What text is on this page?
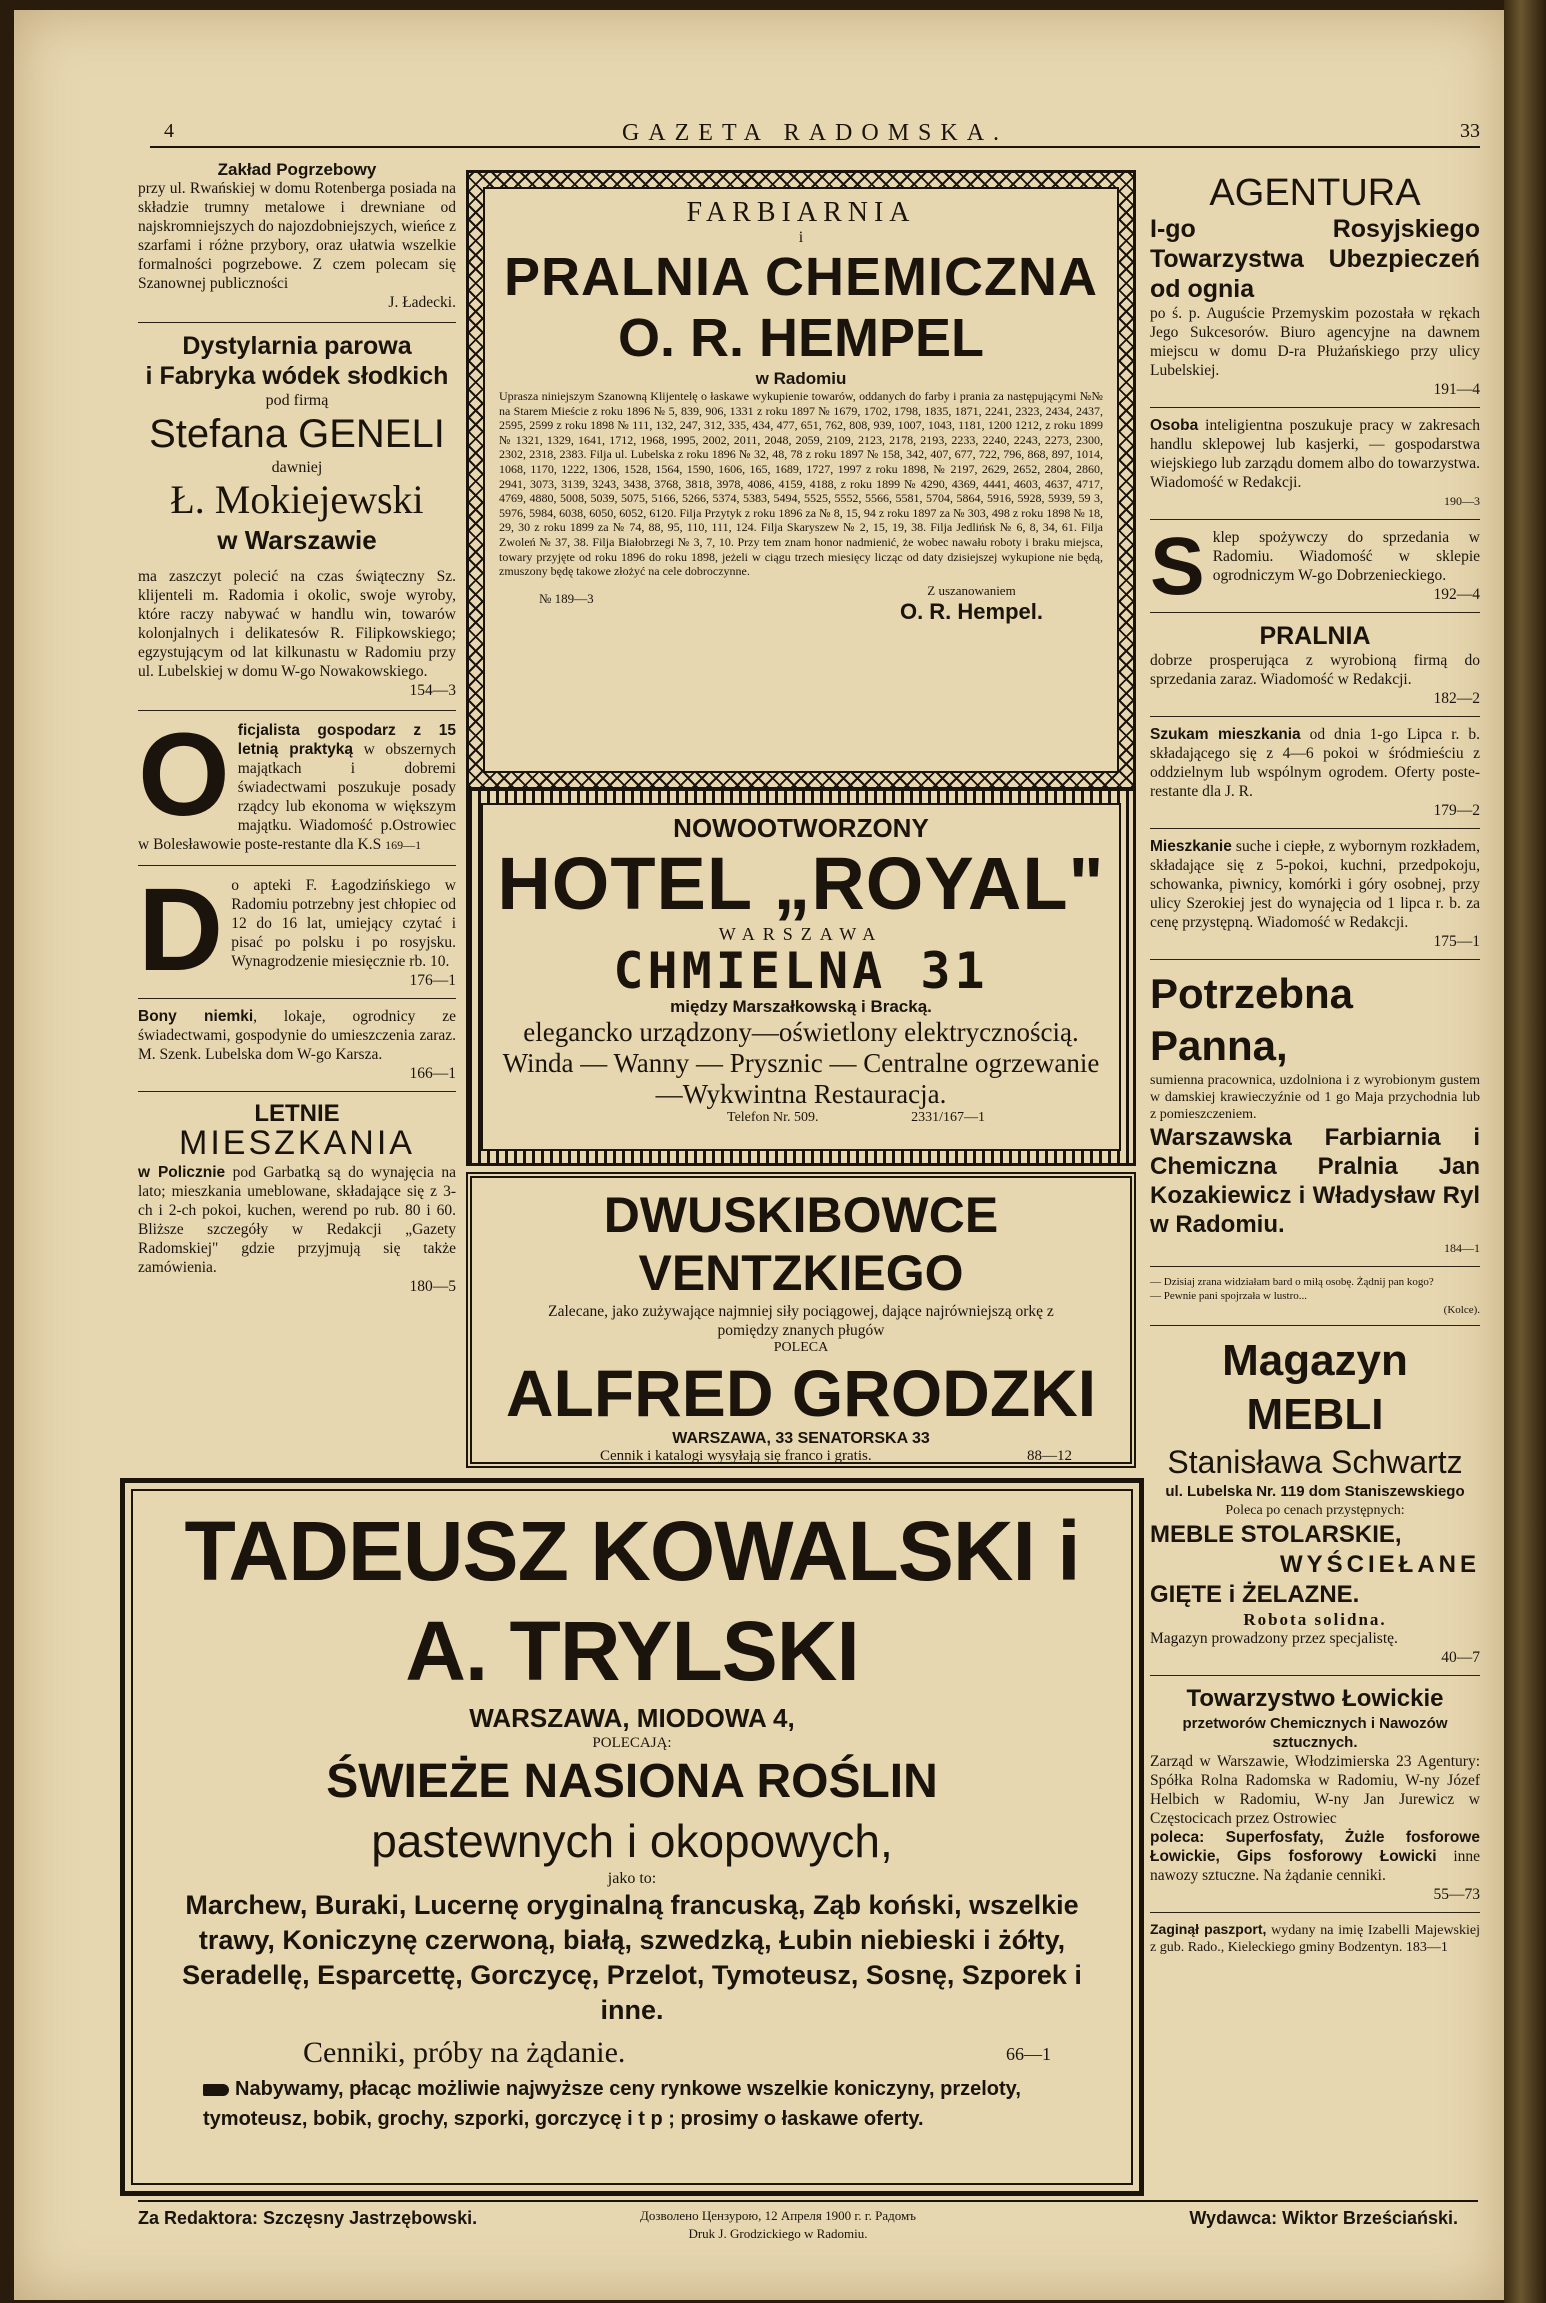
4	GAZETA RADOMSKA.	33
Zakład Pogrzebowy
przy ul. Rwańskiej w domu Rotenberga posiada na składzie trumny metalowe i drewniane od najskromniejszych do najozdobniejszych, wieńce z szarfami i różne przybory, oraz ułatwia wszelkie formalności pogrzebowe. Z czem polecam się Szanownej publiczności
J. Ładecki.
Dystylarnia parowa
i Fabryka wódek słodkich
pod firmą
Stefana GENELI
dawniej
Ł. Mokiejewski
w Warszawie
ma zaszczyt polecić na czas świąteczny Sz. klijenteli m. Radomia i okolic, swoje wyroby, które raczy nabywać w handlu win, towarów kolonjalnych i delikatesów R. Filipkowskiego; egzystującym od lat kilkunastu w Radomiu przy ul. Lubelskiej w domu W-go Nowakowskiego.
154—3
O ficjalista gospodarz z 15 letnią praktyką w obszernych majątkach i dobremi świadectwami poszukuje posady rządcy lub ekonoma w większym majątku. Wiadomość p.Ostrowiec w Bolesławowie poste-restante dla K.S 169—1
D o apteki F. Łagodzińskiego w Radomiu potrzebny jest chłopiec od 12 do 16 lat, umiejący czytać i pisać po polsku i po rosyjsku. Wynagrodzenie miesięcznie rb. 10.
176—1
Bony niemki, lokaje, ogrodnicy ze świadectwami, gospodynie do umieszczenia zaraz. M. Szenk. Lubelska dom W-go Karsza.
166—1
LETNIE
MIESZKANIA
w Policznie pod Garbatką są do wynajęcia na lato; mieszkania umeblowane, składające się z 3-ch i 2-ch pokoi, kuchen, werend po rub. 80 i 60. Bliższe szczegóły w Redakcji „Gazety Radomskiej" gdzie przyjmują się także zamówienia.
180—5
FARBIARNIA
i
PRALNIA CHEMICZNA
O. R. HEMPEL
w Radomiu
Uprasza niniejszym Szanowną Klijentelę o łaskawe wykupienie towarów, oddanych do farby i prania za następującymi №№ na Starem Mieście z roku 1896 № 5, 839, 906, 1331 z roku 1897 № 1679, 1702, 1798, 1835, 1871, 2241, 2323, 2434, 2437, 2595, 2599 z roku 1898 № 111, 132, 247, 312, 335, 434, 477, 651, 762, 808, 939, 1007, 1043, 1181, 1200 1212, z roku 1899 № 1321, 1329, 1641, 1712, 1968, 1995, 2002, 2011, 2048, 2059, 2109, 2123, 2178, 2193, 2233, 2240, 2243, 2273, 2300, 2302, 2318, 2383. Filja ul. Lubelska z roku 1896 № 32, 48, 78 z roku 1897 № 158, 342, 407, 677, 722, 796, 868, 897, 1014, 1068, 1170, 1222, 1306, 1528, 1564, 1590, 1606, 165, 1689, 1727, 1997 z roku 1898, № 2197, 2629, 2652, 2804, 2860, 2941, 3073, 3139, 3243, 3438, 3768, 3818, 3978, 4086, 4159, 4188, z roku 1899 № 4290, 4369, 4441, 4603, 4637, 4717, 4769, 4880, 5008, 5039, 5075, 5166, 5266, 5374, 5383, 5494, 5525, 5552, 5566, 5581, 5704, 5864, 5916, 5928, 5939, 59 3, 5976, 5984, 6038, 6050, 6052, 6120. Filja Przytyk z roku 1896 za № 8, 15, 94 z roku 1897 za № 303, 498 z roku 1898 № 18, 29, 30 z roku 1899 za № 74, 88, 95, 110, 111, 124. Filja Skaryszew № 2, 15, 19, 38. Filja Jedlińsk № 6, 8, 34, 61. Filja Zwoleń № 37, 38. Filja Białobrzegi № 3, 7, 10. Przy tem znam honor nadmienić, że wobec nawału roboty i braku miejsca, towary przyjęte od roku 1896 do roku 1898, jeżeli w ciągu trzech miesięcy licząc od daty dzisiejszej wykupione nie będą, zmuszony będę takowe złożyć na cele dobroczynne.
№ 189—3
Z uszanowaniem
O. R. Hempel.
NOWOOTWORZONY
HOTEL „ROYAL"
WARSZAWA
CHMIELNA 31
między Marszałkowską i Bracką.
eleganckо urządzony—oświetlony elektrycznością. Winda — Wanny — Prysznic — Centralne ogrzewanie—Wykwintna Restauracja.
Telefon Nr. 509.	2331/167—1
DWUSKIBOWCE VENTZKIEGO
Zalecane, jako zużywające najmniej siły pociągowej, dające najrówniejszą orkę z pomiędzy znanych pługów
POLECA
ALFRED GRODZKI
WARSZAWA, 33 SENATORSKA 33
Cennik i katalogi wysyłają się franco i gratis.	88—12
TADEUSZ KOWALSKI i A. TRYLSKI
WARSZAWA, MIODOWA 4,
POLECAJĄ:
ŚWIEŻE NASIONA ROŚLIN
pastewnych i okopowych,
jako to:
Marchew, Buraki, Lucernę oryginalną francuską, Ząb koński, wszelkie trawy, Koniczynę czerwoną, białą, szwedzką, Łubin niebieski i żółty, Seradellę, Esparcettę, Gorczycę, Przelot, Tymoteusz, Sosnę, Szporek i inne.
Cenniki, próby na żądanie.	66—1
Nabywamy, płacąc możliwie najwyższe ceny rynkowe wszelkie koniczyny, przeloty, tymoteusz, bobik, grochy, szporki, gorczycę i t p ; prosimy o łaskawe oferty.
AGENTURA
I-go Rosyjskiego Towarzystwa Ubezpieczeń od ognia
po ś. p. Auguście Przemyskim pozostała w rękach Jego Sukcesorów. Biuro agencyjne na dawnem miejscu w domu D-ra Płużańskiego przy ulicy Lubelskiej.
191—4
Osoba inteligientna poszukuje pracy w zakresach handlu sklepowej lub kasjerki, — gospodarstwa wiejskiego lub zarządu domem albo do towarzystwa. Wiadomość w Redakcji.
190—3
S klep spożywczy do sprzedania w Radomiu. Wiadomość w sklepie ogrodniczym W-go Dobrzenieckiego.
192—4
PRALNIA
dobrze prosperująca z wyrobioną firmą do sprzedania zaraz. Wiadomość w Redakcji.
182—2
Szukam mieszkania od dnia 1-go Lipca r. b. składającego się z 4—6 pokoi w śródmieściu z oddzielnym lub wspólnym ogrodem. Oferty poste-restante dla J. R.
179—2
Mieszkanie suche i ciepłe, z wybornym rozkładem, składające się z 5-pokoi, kuchni, przedpokoju, schowanka, piwnicy, komórki i góry osobnej, przy ulicy Szerokiej jest do wynajęcia od 1 lipca r. b. za cenę przystępną. Wiadomość w Redakcji.
175—1
Potrzebna Panna,
sumienna pracownica, uzdolniona i z wyrobionym gustem w damskiej krawieczyźnie od 1 go Maja przychodnia lub z pomieszczeniem.
Warszawska Farbiarnia i Chemiczna Pralnia Jan Kozakiewicz i Władysław Ryl w Radomiu.
184—1
— Dzisiaj zrana widziałam bard o miłą osobę. Żądnij pan kogo?
— Pewnie pani spojrzała w lustro...
(Kolce).
Magazyn MEBLI
Stanisława Schwartz
ul. Lubelska Nr. 119 dom Staniszewskiego
Poleca po cenach przystępnych:
MEBLE STOLARSKIE,
WYŚCIEŁANE
GIĘTE i ŻELAZNE.
Robota solidna.
Magazyn prowadzony przez specjalistę.
40—7
Towarzystwo Łowickie
przetworów Chemicznych i Nawozów sztucznych.
Zarząd w Warszawie, Włodzimierska 23 Agentury: Spółka Rolna Radomska w Radomiu, W-ny Józef Helbich w Radomiu, W-ny Jan Jurewicz w Częstocicach przez Ostrowiec
poleca: Superfosfaty, Żużle fosforowe Łowickie, Gips fosforowy Łowicki inne nawozy sztuczne. Na żądanie cenniki.
55—73
Zaginął paszport, wydany na imię Izabelli Majewskiej z gub. Rado., Kieleckiego gminy Bodzentyn. 183—1
Za Redaktora: Szczęsny Jastrzębowski.	Дозволено Цензурою, 12 Апреля 1900 г. г. Радомъ
Druk J. Grodzickiego w Radomiu.
Wydawca: Wiktor Brześciański.
